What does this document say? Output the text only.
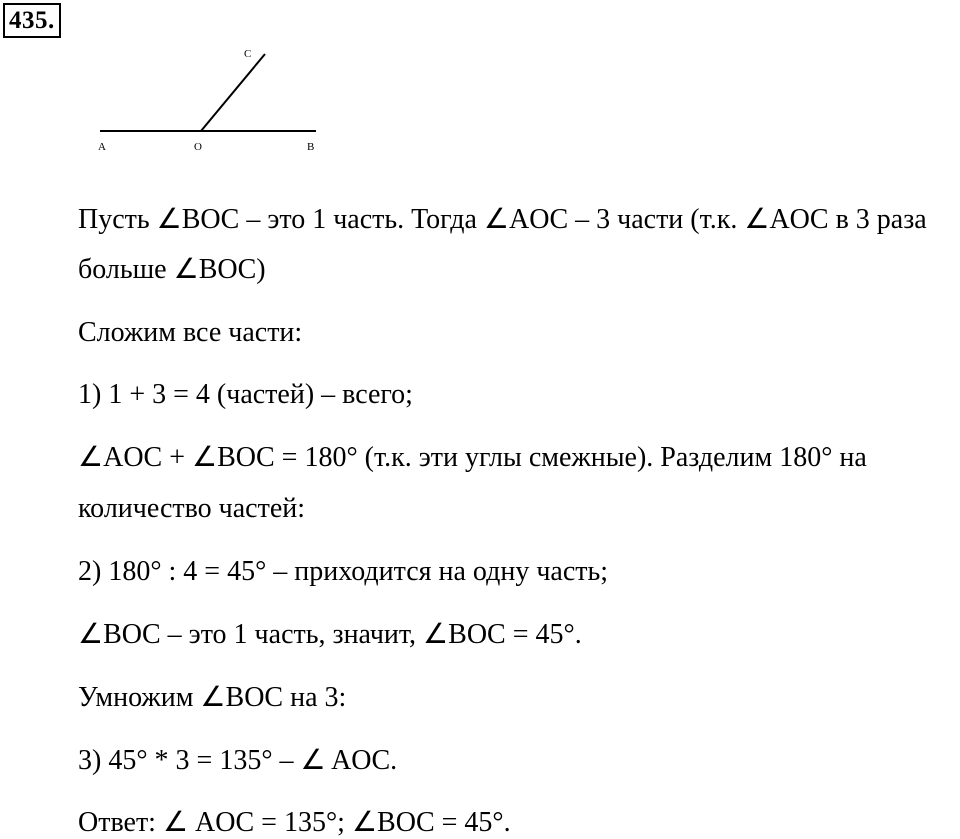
435.
A	O	B
C
Пусть ∠BOC – это 1 часть. Тогда ∠AOC – 3 части (т.к. ∠AOC в 3 раза
больше ∠BOC)
Сложим все части:
1) 1 + 3 = 4 (частей) – всего;
∠AOC + ∠BOC = 180° (т.к. эти углы смежные). Разделим 180° на
количество частей:
2) 180° : 4 = 45° – приходится на одну часть;
∠BOC – это 1 часть, значит, ∠BOC = 45°.
Умножим ∠BOC на 3:
3) 45° * 3 = 135° – ∠ AOC.
Ответ: ∠ AOC = 135°; ∠BOC = 45°.
